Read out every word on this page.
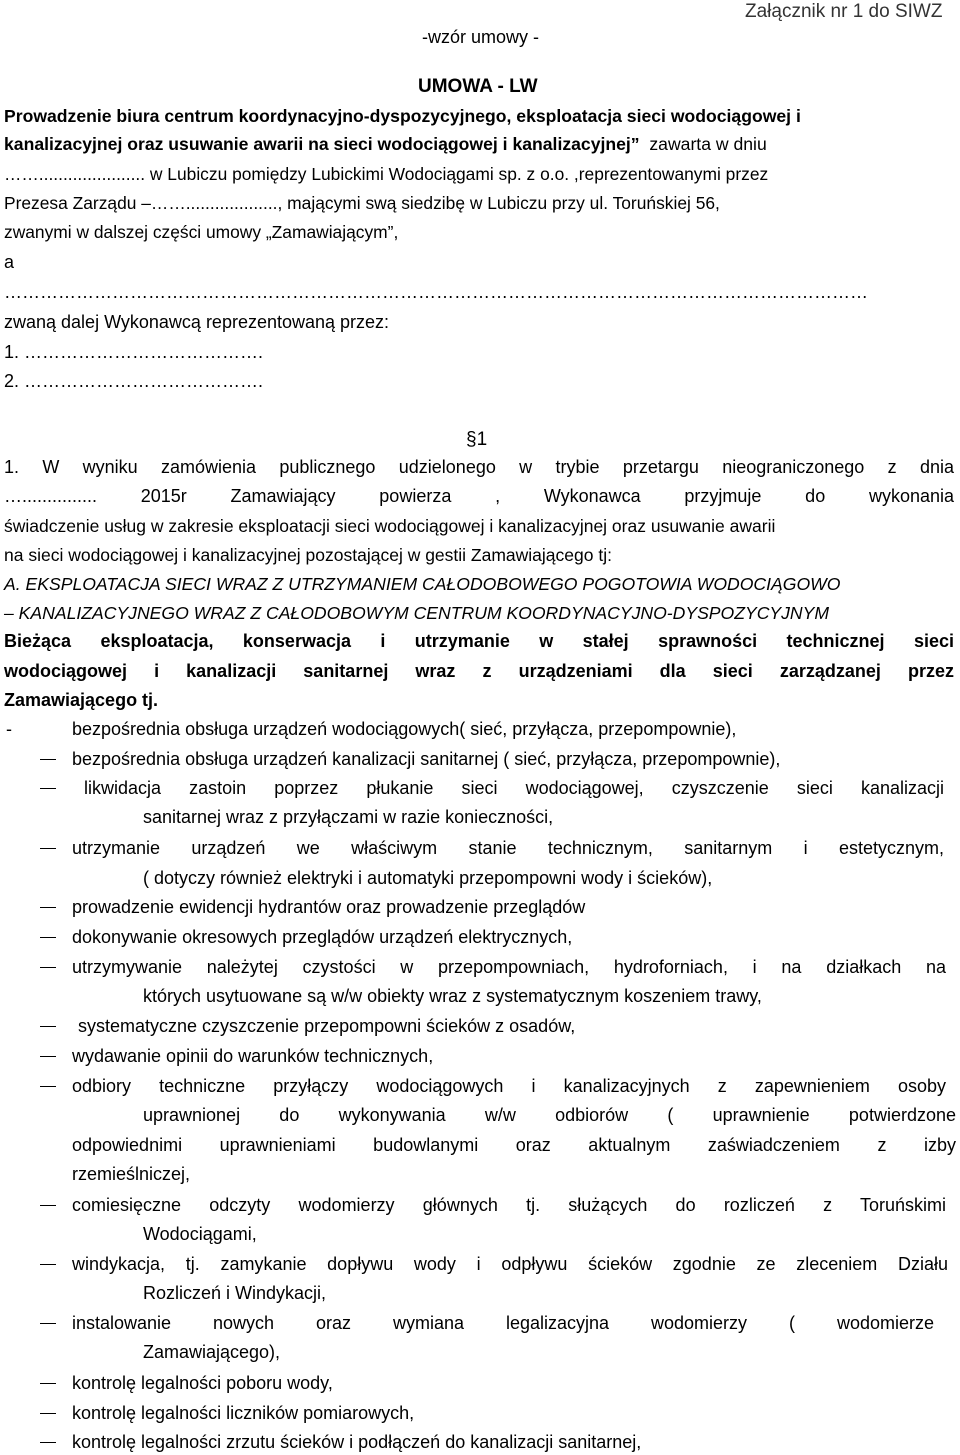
-wzór umowy -
Załącznik nr 1 do SIWZ
UMOWA - LW
Prowadzenie biura centrum koordynacyjno-dyspozycyjnego, eksploatacja sieci wodociągowej i
kanalizacyjnej oraz usuwanie awarii na sieci wodociągowej i kanalizacyjnej” zawarta w dniu
……...................... w Lubiczu pomiędzy Lubickimi Wodociągami sp. z o.o. ,reprezentowanymi przez
Prezesa Zarządu –……..................., mającymi swą siedzibę w Lubiczu przy ul. Toruńskiej 56,
zwanymi w dalszej części umowy „Zamawiającym”,
a
………………………………………………………………………………………………………………………………
zwaną dalej Wykonawcą reprezentowaną przez:
1. ………………………………….
2. ………………………………….
§1
1. W wyniku zamówienia publicznego udzielonego w trybie przetargu nieograniczonego z dnia
…............... 2015r Zamawiający powierza , Wykonawca przyjmuje do wykonania
świadczenie usług w zakresie eksploatacji sieci wodociągowej i kanalizacyjnej oraz usuwanie awarii
na sieci wodociągowej i kanalizacyjnej pozostającej w gestii Zamawiającego tj:
A. EKSPLOATACJA SIECI WRAZ Z UTRZYMANIEM CAŁODOBOWEGO POGOTOWIA WODOCIĄGOWO
– KANALIZACYJNEGO WRAZ Z CAŁODOBOWYM CENTRUM KOORDYNACYJNO-DYSPOZYCYJNYM
Bieżąca eksploatacja, konserwacja i utrzymanie w stałej sprawności technicznej sieci
wodociągowej i kanalizacji sanitarnej wraz z urządzeniami dla sieci zarządzanej przez
Zamawiającego tj.
-	bezpośrednia obsługa urządzeń wodociągowych( sieć, przyłącza, przepompownie),
bezpośrednia obsługa urządzeń kanalizacji sanitarnej ( sieć, przyłącza, przepompownie),
likwidacja zastoin poprzez płukanie sieci wodociągowej, czyszczenie sieci kanalizacji
sanitarnej wraz z przyłączami w razie konieczności,
utrzymanie urządzeń we właściwym stanie technicznym, sanitarnym i estetycznym,
( dotyczy również elektryki i automatyki przepompowni wody i ścieków),
prowadzenie ewidencji hydrantów oraz prowadzenie przeglądów
dokonywanie okresowych przeglądów urządzeń elektrycznych,
utrzymywanie należytej czystości w przepompowniach, hydroforniach, i na działkach na
których usytuowane są w/w obiekty wraz z systematycznym koszeniem trawy,
systematyczne czyszczenie przepompowni ścieków z osadów,
wydawanie opinii do warunków technicznych,
odbiory techniczne przyłączy wodociągowych i kanalizacyjnych z zapewnieniem osoby
uprawnionej do wykonywania w/w odbiorów ( uprawnienie potwierdzone
odpowiednimi uprawnieniami budowlanymi oraz aktualnym zaświadczeniem z izby
rzemieślniczej,
comiesięczne odczyty wodomierzy głównych tj. służących do rozliczeń z Toruńskimi
Wodociągami,
windykacja, tj. zamykanie dopływu wody i odpływu ścieków zgodnie ze zleceniem Działu
Rozliczeń i Windykacji,
instalowanie nowych oraz wymiana legalizacyjna wodomierzy ( wodomierze
Zamawiającego),
kontrolę legalności poboru wody,
kontrolę legalności liczników pomiarowych,
kontrolę legalności zrzutu ścieków i podłączeń do kanalizacji sanitarnej,
